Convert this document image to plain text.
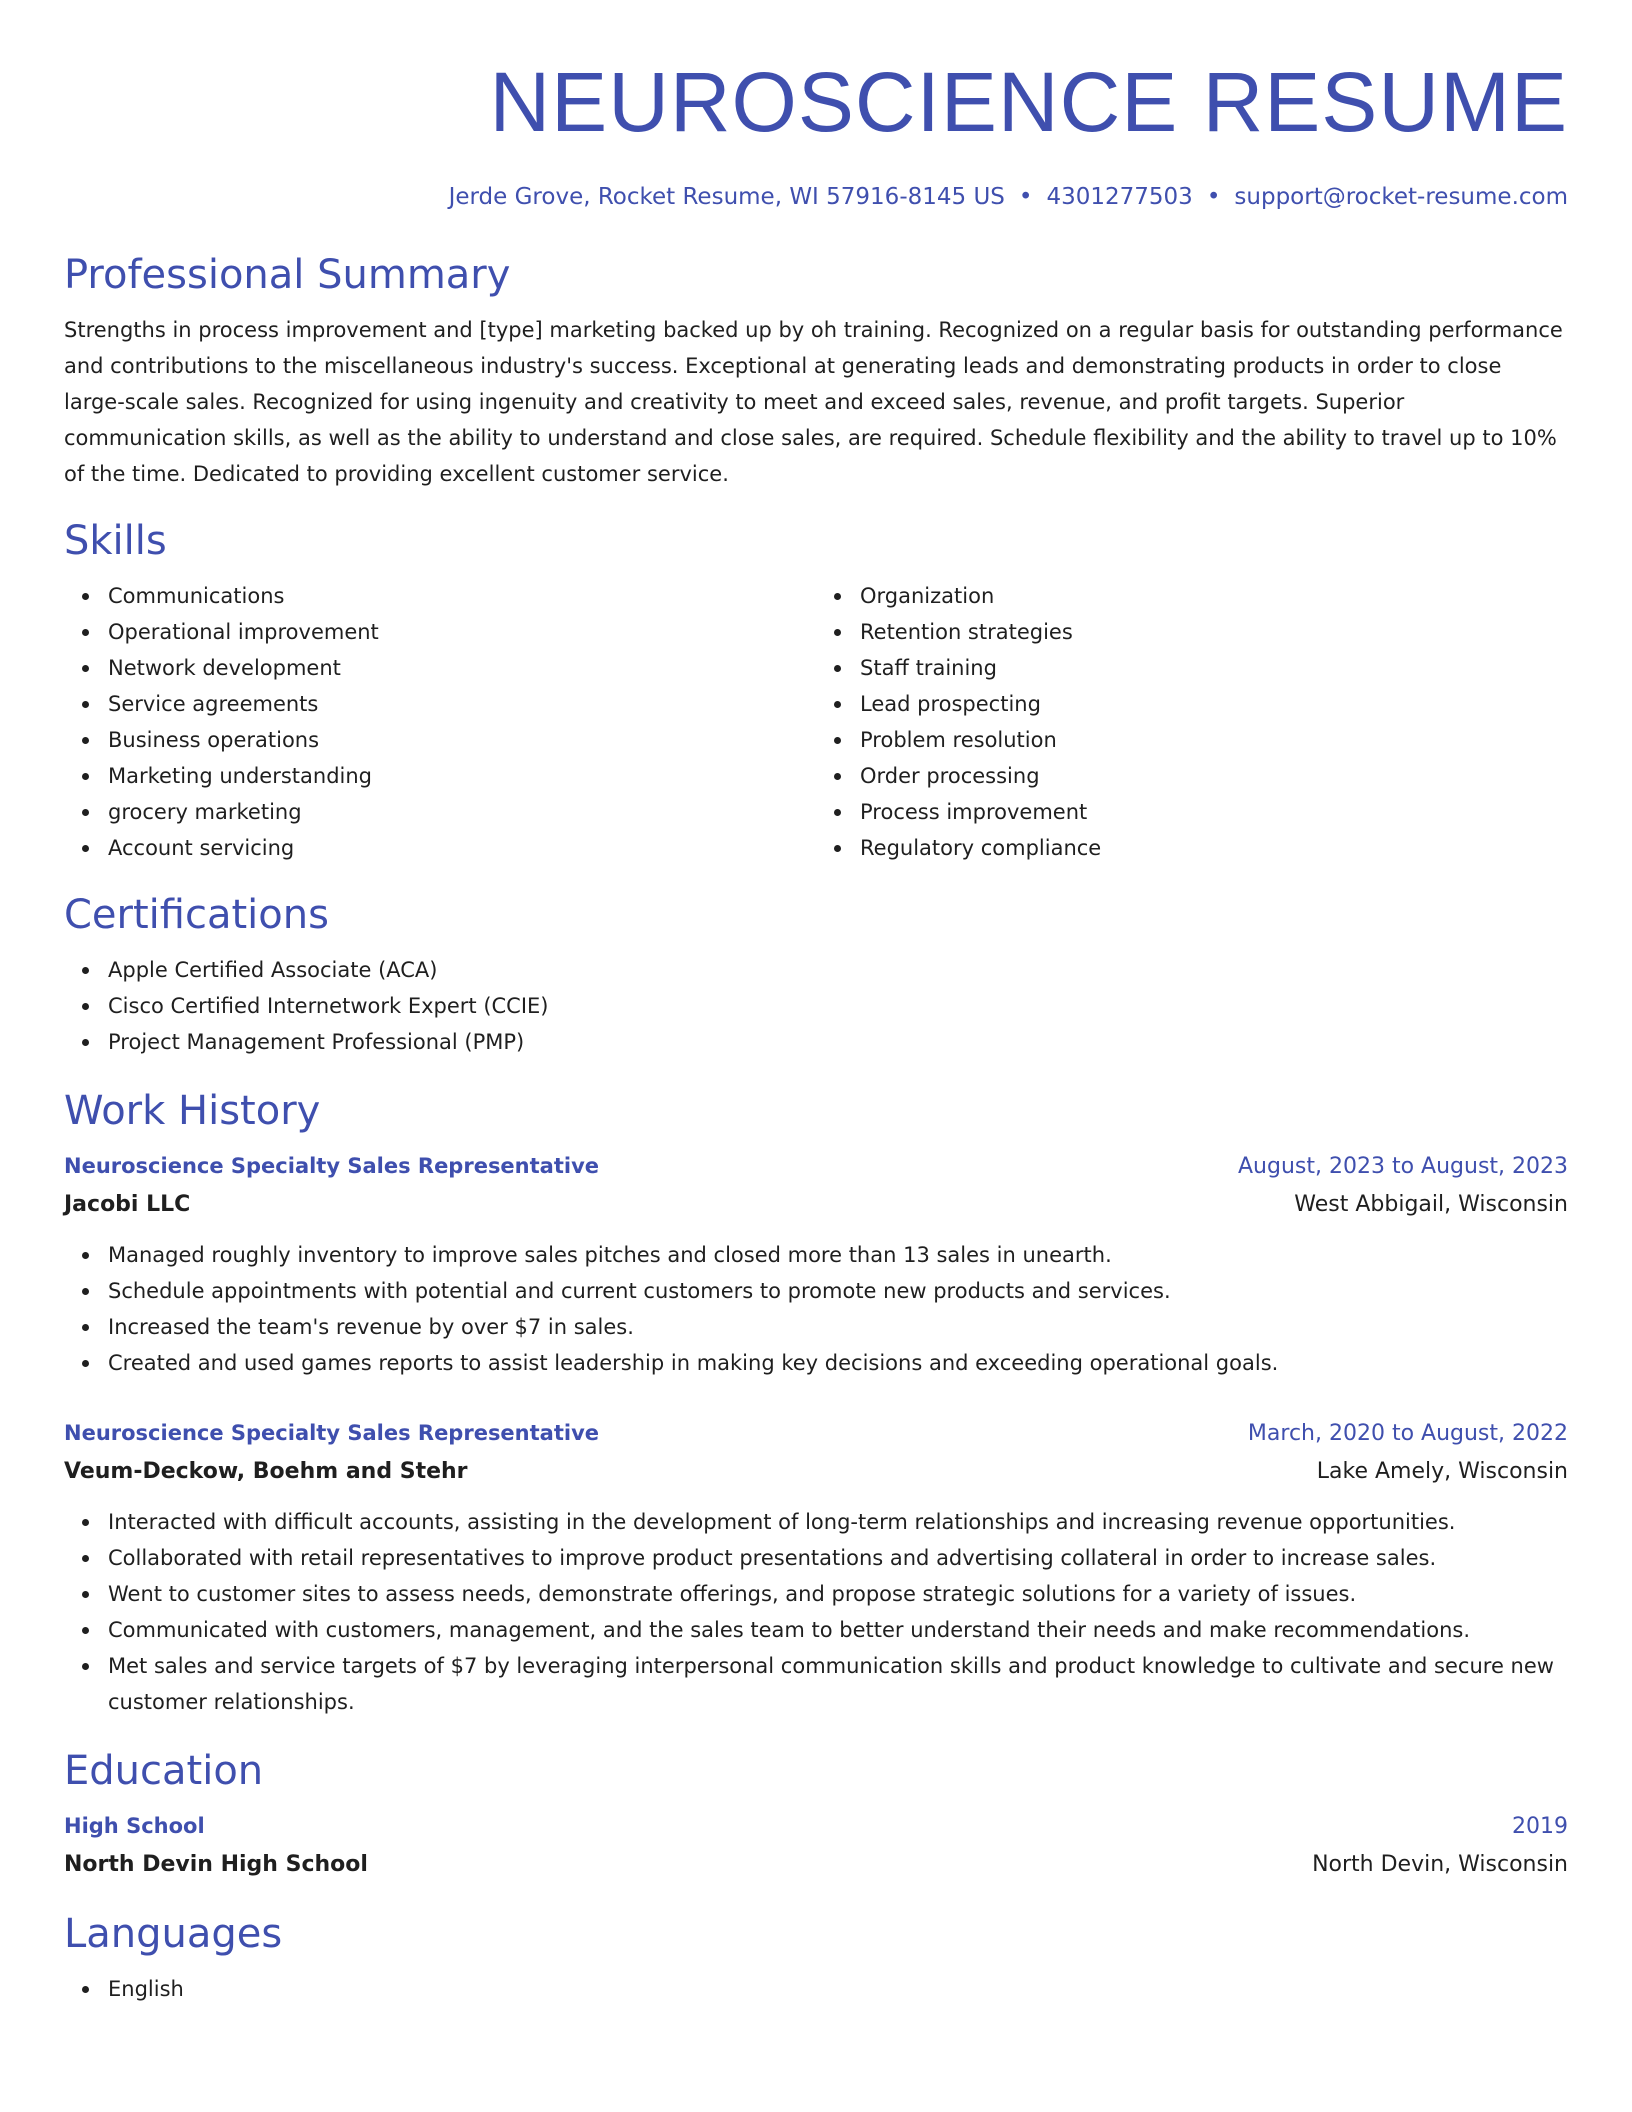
NEUROSCIENCE RESUME
Jerde Grove, Rocket Resume, WI 57916-8145 US • 4301277503 • support@rocket-resume.com
Professional Summary
Strengths in process improvement and [type] marketing backed up by oh training. Recognized on a regular basis for outstanding performance and contributions to the miscellaneous industry's success. Exceptional at generating leads and demonstrating products in order to close large-scale sales. Recognized for using ingenuity and creativity to meet and exceed sales, revenue, and profit targets. Superior communication skills, as well as the ability to understand and close sales, are required. Schedule flexibility and the ability to travel up to 10% of the time. Dedicated to providing excellent customer service.
Skills
Communications
Operational improvement
Network development
Service agreements
Business operations
Marketing understanding
grocery marketing
Account servicing
Organization
Retention strategies
Staff training
Lead prospecting
Problem resolution
Order processing
Process improvement
Regulatory compliance
Certifications
Apple Certified Associate (ACA)
Cisco Certified Internetwork Expert (CCIE)
Project Management Professional (PMP)
Work History
Neuroscience Specialty Sales Representative	August, 2023 to August, 2023
Jacobi LLC	West Abbigail, Wisconsin
Managed roughly inventory to improve sales pitches and closed more than 13 sales in unearth.
Schedule appointments with potential and current customers to promote new products and services.
Increased the team's revenue by over $7 in sales.
Created and used games reports to assist leadership in making key decisions and exceeding operational goals.
Neuroscience Specialty Sales Representative	March, 2020 to August, 2022
Veum-Deckow, Boehm and Stehr	Lake Amely, Wisconsin
Interacted with difficult accounts, assisting in the development of long-term relationships and increasing revenue opportunities.
Collaborated with retail representatives to improve product presentations and advertising collateral in order to increase sales.
Went to customer sites to assess needs, demonstrate offerings, and propose strategic solutions for a variety of issues.
Communicated with customers, management, and the sales team to better understand their needs and make recommendations.
Met sales and service targets of $7 by leveraging interpersonal communication skills and product knowledge to cultivate and secure new customer relationships.
Education
High School	2019
North Devin High School	North Devin, Wisconsin
Languages
English
